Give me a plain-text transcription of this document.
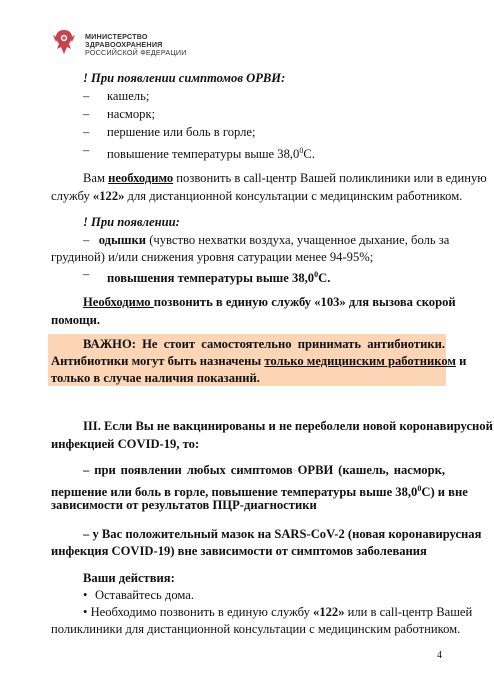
МИНИСТЕРСТВО
ЗДРАВООХРАНЕНИЯ
РОССИЙСКОЙ ФЕДЕРАЦИИ
! При появлении симптомов ОРВИ:
– кашель;
– насморк;
– першение или боль в горле;
– повышение температуры выше 38,0$^0$С.
Вам необходимо позвонить в call-центр Вашей поликлиники или в единую
службу «122» для дистанционной консультации с медицинским работником.
! При появлении:
– одышки (чувство нехватки воздуха, учащенное дыхание, боль за
грудиной) и/или снижения уровня сатурации менее 94-95%;
– повышения температуры выше 38,0$^0$С.
Необходимо позвонить в единую службу «103» для вызова скорой
помощи.
ВАЖНО: Не стоит самостоятельно принимать антибиотики.
Антибиотики могут быть назначены только медицинским работником и
только в случае наличия показаний.
III. Если Вы не вакцинированы и не переболели новой коронавирусной
инфекцией COVID-19, то:
– при появлении любых симптомов ОРВИ (кашель, насморк,
першение или боль в горле, повышение температуры выше 38,0$^0$С) и вне
зависимости от результатов ПЦР-диагностики
– у Вас положительный мазок на SARS-CoV-2 (новая коронавирусная
инфекция COVID-19) вне зависимости от симптомов заболевания
Ваши действия:
• Оставайтесь дома.
• Необходимо позвонить в единую службу «122» или в call-центр Вашей
поликлиники для дистанционной консультации с медицинским работником.
4
